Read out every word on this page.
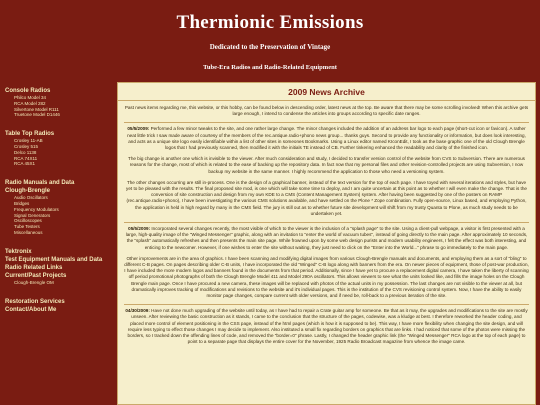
Thermionic Emissions
Dedicated to the Preservation of Vintage
Tube-Era Radios and Radio-Related Equipment
Console Radios
Philco Model 34
RCA Model 282
Silvertone Model R111
Truetone Model D1446
Table Top Radios
Crosley 11-AB
Crosley 515
Delco 1138
RCA 74X11
RCA 45X1
Radio Manuals and Data
Clough-Brengle
Audio Oscillators
Bridges
Frequency Modulators
Signal Generators
Oscilloscopes
Tube Testers
Miscellaneous
Tektronix
Test Equipment Manuals and Data
Radio Related Links
Current/Past Projects
Clough-Brengle OM
Restoration Services
Contact/About Me
2009 News Archive

Past news items regarding me, this website, or this hobby, can be found below in descending order, latest news at the top. Be aware that there may be some scrolling involved! When this archive gets large enough, I intend to condense the articles into groups according to specific date ranges.

05/5/2009: Performed a few minor tweaks to the site, and one rather large change. The minor changes included the addition of an address bar logo to each page (short-cut icon or favicon). A rather neat little trick I saw made aware of courtesy of the members of the rec.antique.radio+phono news group... thanks guys. Second to provide any functionality or information, but does look interesting, and acts as a unique site logo easily identifiable within a list of other sites in someones Bookmarks. Using a Linux editor named KIconEdit, I took as the base graphic one of the old Clough Brengle logos that I had previously scanned, then modified it with the initials TE instead of CB. Further tinkering enhanced the readability and clarity of the finished icon.

The big change is another one which is invisible to the viewer. After much consideration and study, I decided to transfer version control of the website from CVS to Subversion. There are numerous reasons for the change, most of which is related to the ease of backing up the repository data. In fact now that my personal files and other revision-controlled projects are using Subversion, I now backup my website in the same manner. I highly recommend the application to those who need a versioning system.

The other changes occurring are still in-process. One is the design of a graphical banner, instead of the text version for the top of each page. I have toyed with several iterations and styles, but have yet to be pleased with the results. The final proposed site mod, is one which will take some time to deploy, and I am quite uncertain at this point as to whether I will even make the change. That is the conversion of site construction and design from my own KDE to a CMS (Content Management System) system. After having been suggested by one of the posters on RAMP (rec.antique.radio+phono), I have been investigating the various CMS solutions available, and have settled on the Plone * Zope combination. Fully open-source, Linux based, and employing Python, the application is held in high regard by many in the CMS field. The jury is still out as to whether future site development will shift from my trusty Quanta to Plone, as much study needs to be undertaken yet.

05/5/2009: Incorporated several changes recently, the most visible of which to the viewer is the inclusion of a "splash page" to the site. Using a client-pull webpage, a visitor is first presented with a large, high-quality image of the "Winged Messenger" graphic, along with an invitation to "enter the world of vacuum tubes", instead of going directly to the main page. After approximately 10 seconds, the "splash" automatically refreshes and then presents the main site page. While frowned upon by some web design purists and modern usability engineers, I felt the effect was both interesting, and enticing to the newcomer. However, if one wishes to enter the site without waiting, they just need to click on the "Enter into the World..." phrase to go immediately to the main page.

Other improvements are in the area of graphics. I have been scanning and modifying digital images from various Clough-Brengle manuals and documents, and employing them as a sort of "bling" to different C-B pages. On pages describing older C-B units, I have incorporated the old "Winged" C-B logo along with banners from the era. On newer pieces of equipment, those of post-war production, I have included the more modern logos and banners found in the documents from that period. Additionally, since I have yet to procure a replacement digital camera, I have taken the liberty of scanning off period promotional photographs of both the Clough Brengle Model 411 and Model 290A oscillators. This allows viewers to see what the units looked like, and fills the image holes on the Clough Brengle main page. Once I have procured a new camera, these images will be replaced with photos of the actual units in my possession. The last changes are not visible to the viewer at all, but dramatically improves tracking of modifications and revisions to the website and it's individual pages. This is the institution of the CVS revisioning control system. Now, I have the ability to easily monitor page changes, compare current with older versions, and if need be, roll-back to a previous iteration of the site.

04/30/2009: Have not done much upgrading of the website until today, as I have had to repair a Crate guitar amp for someone. Be that as it may, the upgrades and modifications to the site are mostly unseen. After reviewing the basic construction as it stands, I came to the conclusion that the structure of the pages, codewise, was a kludge at best. I therefore reworked the header coding, and placed more control of element positioning in the CSS page, instead of the html pages (which is how it is supposed to be). This way, I have more flexibility when changing the site design, and will require less typing to effect those changes I may decide to implement. Also instituted a small fix regarding borders on graphics that are links. I had noticed that some of the photos were missing the borders, so I tracked down the offending lines of code, and removed the "border=0" phrase. Lastly, I changed the header graphic link (the "Winged Messenger" RCA logo at the top of each page) to point to a separate page that displays the entire cover for the November, 1925 Radio Broadcast magazine from whence the image came.
